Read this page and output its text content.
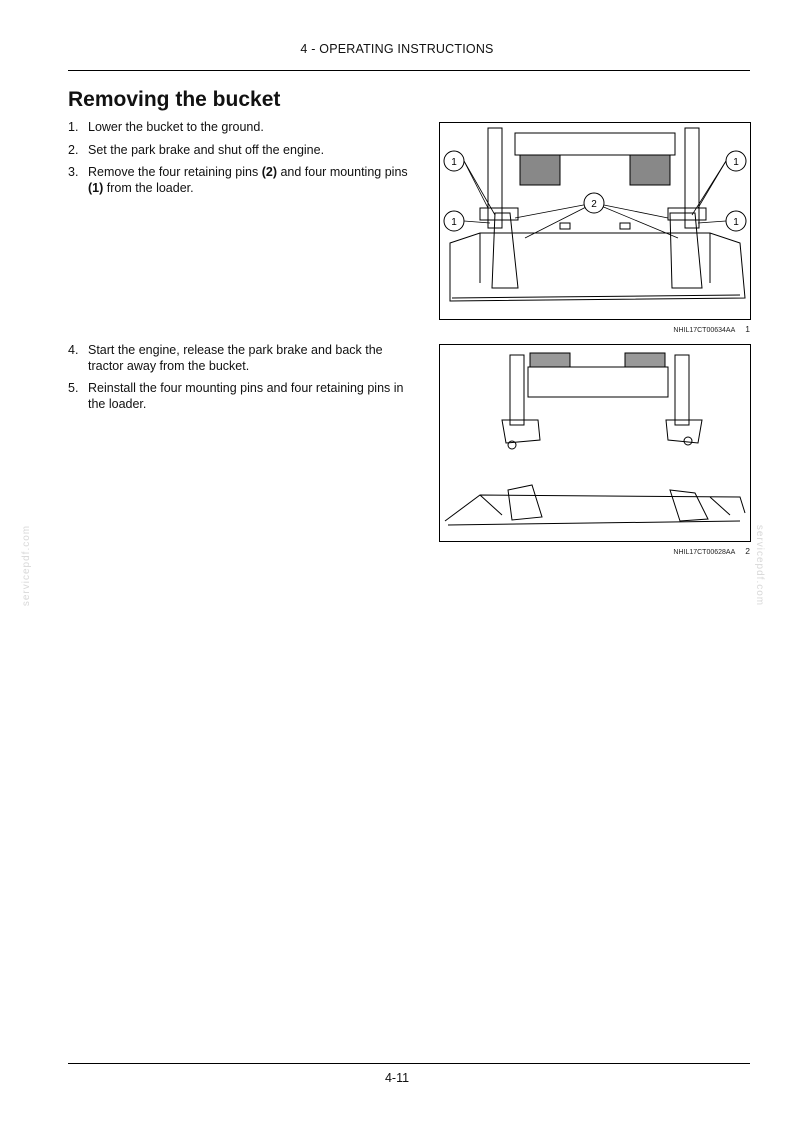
4 - OPERATING INSTRUCTIONS
Removing the bucket
1. Lower the bucket to the ground.
2. Set the park brake and shut off the engine.
3. Remove the four retaining pins (2) and four mounting pins (1) from the loader.
1	1
1	1
2
NHIL17CT00634AA 1
4. Start the engine, release the park brake and back the tractor away from the bucket.
5. Reinstall the four mounting pins and four retaining pins in the loader.
NHIL17CT00628AA 2
servicepdf.com	servicepdf.com
4-11
